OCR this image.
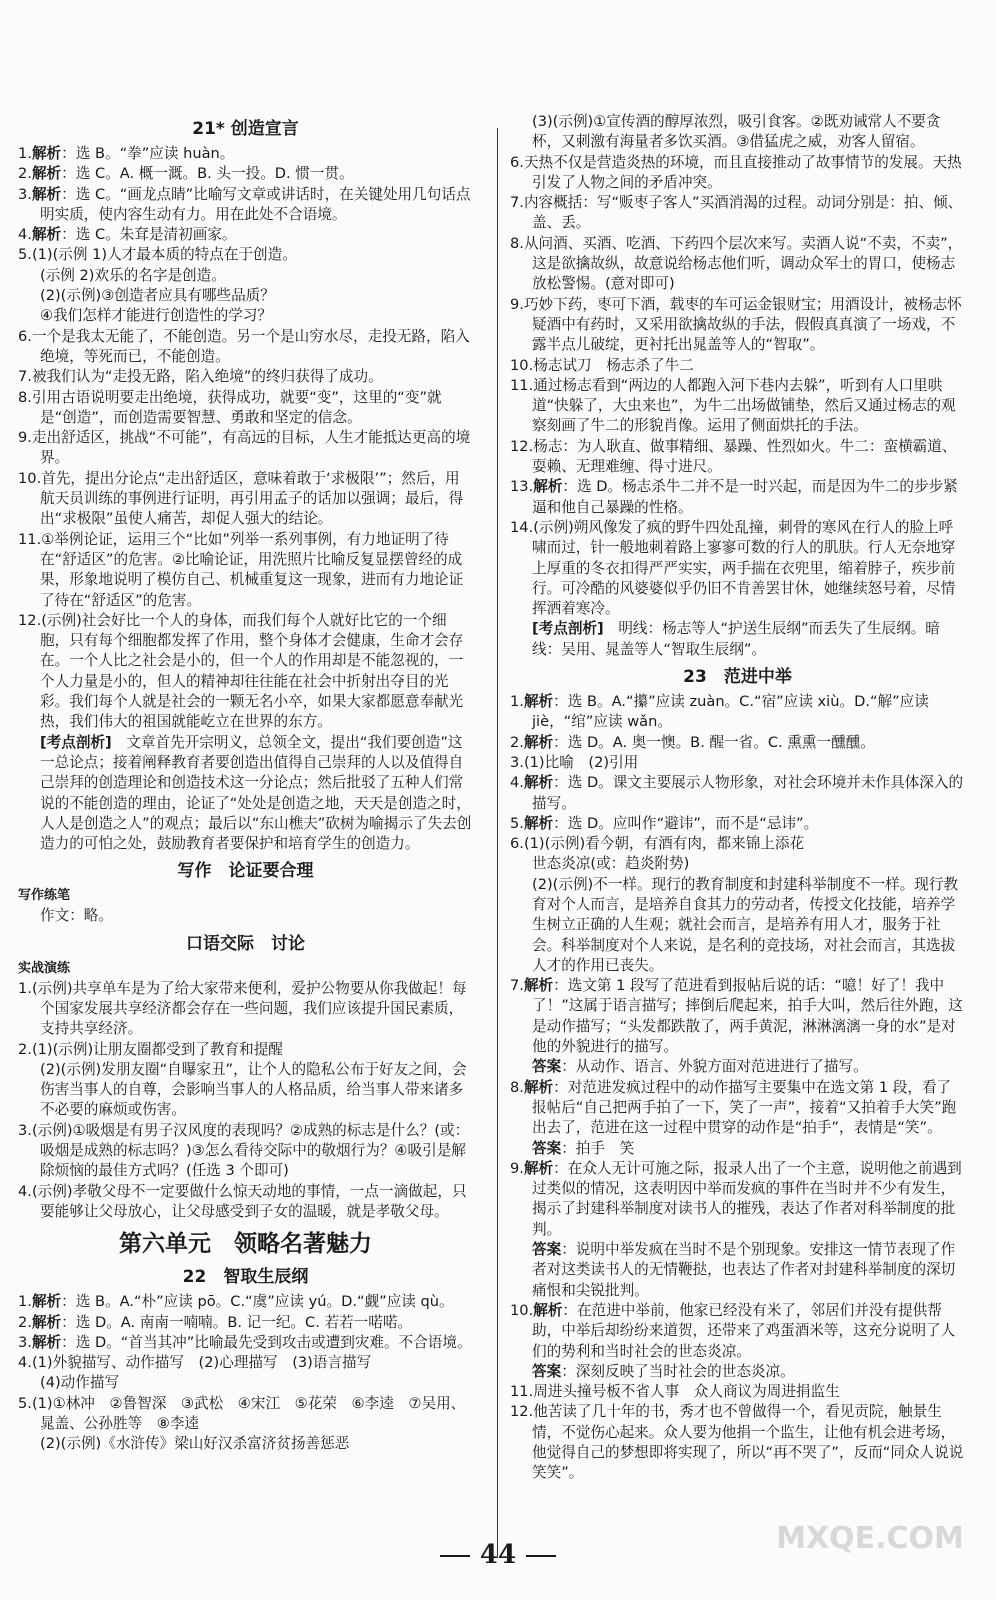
21* 创造宣言

1.解析：选 B。“拳”应读 huàn。

2.解析：选 C。A. 概一溉。B. 头一投。D. 惯一贯。

3.解析：选 C。“画龙点睛”比喻写文章或讲话时，在关键处用几句话点明实质，使内容生动有力。用在此处不合语境。

4.解析：选 C。朱耷是清初画家。

5.(1)(示例 1)人才最本质的特点在于创造。

(示例 2)欢乐的名字是创造。

(2)(示例)③创造者应具有哪些品质？

④我们怎样才能进行创造性的学习？

6.一个是我太无能了，不能创造。另一个是山穷水尽，走投无路，陷入绝境，等死而已，不能创造。

7.被我们认为“走投无路，陷入绝境”的终归获得了成功。

8.引用古语说明要走出绝境，获得成功，就要“变”，这里的“变”就是“创造”，而创造需要智慧、勇敢和坚定的信念。

9.走出舒适区，挑战“不可能”，有高远的目标，人生才能抵达更高的境界。

10.首先，提出分论点“走出舒适区，意味着敢于‘求极限’”；然后，用航天员训练的事例进行证明，再引用孟子的话加以强调；最后，得出“求极限”虽使人痛苦，却促人强大的结论。

11.①举例论证，运用三个“比如”列举一系列事例，有力地证明了待在“舒适区”的危害。②比喻论证，用洗照片比喻反复显摆曾经的成果，形象地说明了模仿自己、机械重复这一现象，进而有力地论证了待在“舒适区”的危害。

12.(示例)社会好比一个人的身体，而我们每个人就好比它的一个细胞，只有每个细胞都发挥了作用，整个身体才会健康，生命才会存在。一个人比之社会是小的，但一个人的作用却是不能忽视的，一个人力量是小的，但人的精神却往往能在社会中折射出夺目的光彩。我们每个人就是社会的一颗无名小卒，如果大家都愿意奉献光热，我们伟大的祖国就能屹立在世界的东方。

[考点剖析]　文章首先开宗明义，总领全文，提出“我们要创造”这一总论点；接着阐释教育者要创造出值得自己崇拜的人以及值得自己崇拜的创造理论和创造技术这一分论点；然后批驳了五种人们常说的不能创造的理由，论证了“处处是创造之地，天天是创造之时，人人是创造之人”的观点；最后以“东山樵夫”砍树为喻揭示了失去创造力的可怕之处，鼓励教育者要保护和培育学生的创造力。

写作　论证要合理
写作练笔

作文：略。

口语交际　讨论
实战演练

1.(示例)共享单车是为了给大家带来便利，爱护公物要从你我做起！每个国家发展共享经济都会存在一些问题，我们应该提升国民素质，支持共享经济。

2.(1)(示例)让朋友圈都受到了教育和提醒

(2)(示例)发朋友圈“自曝家丑”，让个人的隐私公布于好友之间，会伤害当事人的自尊，会影响当事人的人格品质，给当事人带来诸多不必要的麻烦或伤害。

3.(示例)①吸烟是有男子汉风度的表现吗？②成熟的标志是什么？(或：吸烟是成熟的标志吗？)③怎么看待交际中的敬烟行为？④吸引是解除烦恼的最佳方式吗？(任选 3 个即可)

4.(示例)孝敬父母不一定要做什么惊天动地的事情，一点一滴做起，只要能够让父母放心，让父母感受到子女的温暖，就是孝敬父母。

第六单元　领略名著魅力
22　智取生辰纲

1.解析：选 B。A.“朴”应读 pō。C.“虞”应读 yú。D.“觑”应读 qù。

2.解析：选 D。A. 南南一喃喃。B. 记一纪。C. 若若一喏喏。

3.解析：选 D。“首当其冲”比喻最先受到攻击或遭到灾难。不合语境。

4.(1)外貌描写、动作描写　(2)心理描写　(3)语言描写

(4)动作描写

5.(1)①林冲　②鲁智深　③武松　④宋江　⑤花荣　⑥李逵　⑦吴用、晁盖、公孙胜等　⑧李逵

(2)(示例)《水浒传》梁山好汉杀富济贫扬善惩恶

(3)(示例)①宣传酒的醇厚浓烈，吸引食客。②既劝诫常人不要贪杯，又刺激有海量者多饮买酒。③借猛虎之威，劝客人留宿。

6.天热不仅是营造炎热的环境，而且直接推动了故事情节的发展。天热引发了人物之间的矛盾冲突。

7.内容概括：写“贩枣子客人”买酒消渴的过程。动词分别是：拍、倾、盖、丢。

8.从问酒、买酒、吃酒、下药四个层次来写。卖酒人说“不卖，不卖”，这是欲擒故纵，故意说给杨志他们听，调动众军士的胃口，使杨志放松警惕。(意对即可)

9.巧妙下药，枣可下酒，载枣的车可运金银财宝；用酒设计，被杨志怀疑酒中有药时，又采用欲擒故纵的手法，假假真真演了一场戏，不露半点儿破绽，更衬托出晁盖等人的“智取”。

10.杨志试刀　杨志杀了牛二

11.通过杨志看到“两边的人都跑入河下巷内去躲”，听到有人口里哄道“快躲了，大虫来也”，为牛二出场做铺垫，然后又通过杨志的观察刻画了牛二的形貌肖像。运用了侧面烘托的手法。

12.杨志：为人耿直、做事精细、暴躁、性烈如火。牛二：蛮横霸道、耍赖、无理难缠、得寸进尺。

13.解析：选 D。杨志杀牛二并不是一时兴起，而是因为牛二的步步紧逼和他自己暴躁的性格。

14.(示例)朔风像发了疯的野牛四处乱撞，刺骨的寒风在行人的脸上呼啸而过，针一般地刺着路上寥寥可数的行人的肌肤。行人无奈地穿上厚重的冬衣扣得严严实实，两手揣在衣兜里，缩着脖子，疾步前行。可冷酷的风婆婆似乎仍旧不肯善罢甘休，她继续怒号着，尽情挥洒着寒冷。

[考点剖析]　明线：杨志等人“护送生辰纲”而丢失了生辰纲。暗线：吴用、晁盖等人“智取生辰纲”。

23　范进中举

1.解析：选 B。A.“攥”应读 zuàn。C.“宿”应读 xiù。D.“解”应读 jiè，“绾”应读 wǎn。

2.解析：选 D。A. 奥一懊。B. 醒一省。C. 熏熏一醺醺。

3.(1)比喻　(2)引用

4.解析：选 D。课文主要展示人物形象，对社会环境并未作具体深入的描写。

5.解析：选 D。应叫作“避讳”，而不是“忌讳”。

6.(1)(示例)看今朝，有酒有肉，都来锦上添花

世态炎凉(或：趋炎附势)

(2)(示例)不一样。现行的教育制度和封建科举制度不一样。现行教育对个人而言，是培养自食其力的劳动者，传授文化技能，培养学生树立正确的人生观；就社会而言，是培养有用人才，服务于社会。科举制度对个人来说，是名利的竞技场，对社会而言，其选拔人才的作用已丧失。

7.解析：选文第 1 段写了范进看到报帖后说的话：“噫！好了！我中了！”这属于语言描写；摔倒后爬起来，拍手大叫，然后往外跑，这是动作描写；“头发都跌散了，两手黄泥，淋淋漓漓一身的水”是对他的外貌进行的描写。

答案：从动作、语言、外貌方面对范进进行了描写。

8.解析：对范进发疯过程中的动作描写主要集中在选文第 1 段，看了报帖后“自己把两手拍了一下，笑了一声”，接着“又拍着手大笑”跑出去了，范进在这一过程中贯穿的动作是“拍手”，表情是“笑”。

答案：拍手　笑

9.解析：在众人无计可施之际，报录人出了一个主意，说明他之前遇到过类似的情况，这表明因中举而发疯的事件在当时并不少有发生，揭示了封建科举制度对读书人的摧残，表达了作者对科举制度的批判。

答案：说明中举发疯在当时不是个别现象。安排这一情节表现了作者对这类读书人的无情鞭挞，也表达了作者对封建科举制度的深切痛恨和尖锐批判。

10.解析：在范进中举前，他家已经没有米了，邻居们并没有提供帮助，中举后却纷纷来道贺，还带来了鸡蛋酒米等，这充分说明了人们的势利和当时社会的世态炎凉。

答案：深刻反映了当时社会的世态炎凉。

11.周进头撞号板不省人事　众人商议为周进捐监生

12.他苦读了几十年的书，秀才也不曾做得一个，看见贡院，触景生情，不觉伤心起来。众人要为他捐一个监生，让他有机会进考场，他觉得自己的梦想即将实现了，所以“再不哭了”，反而“同众人说说笑笑”。

44	MXQE.COM
